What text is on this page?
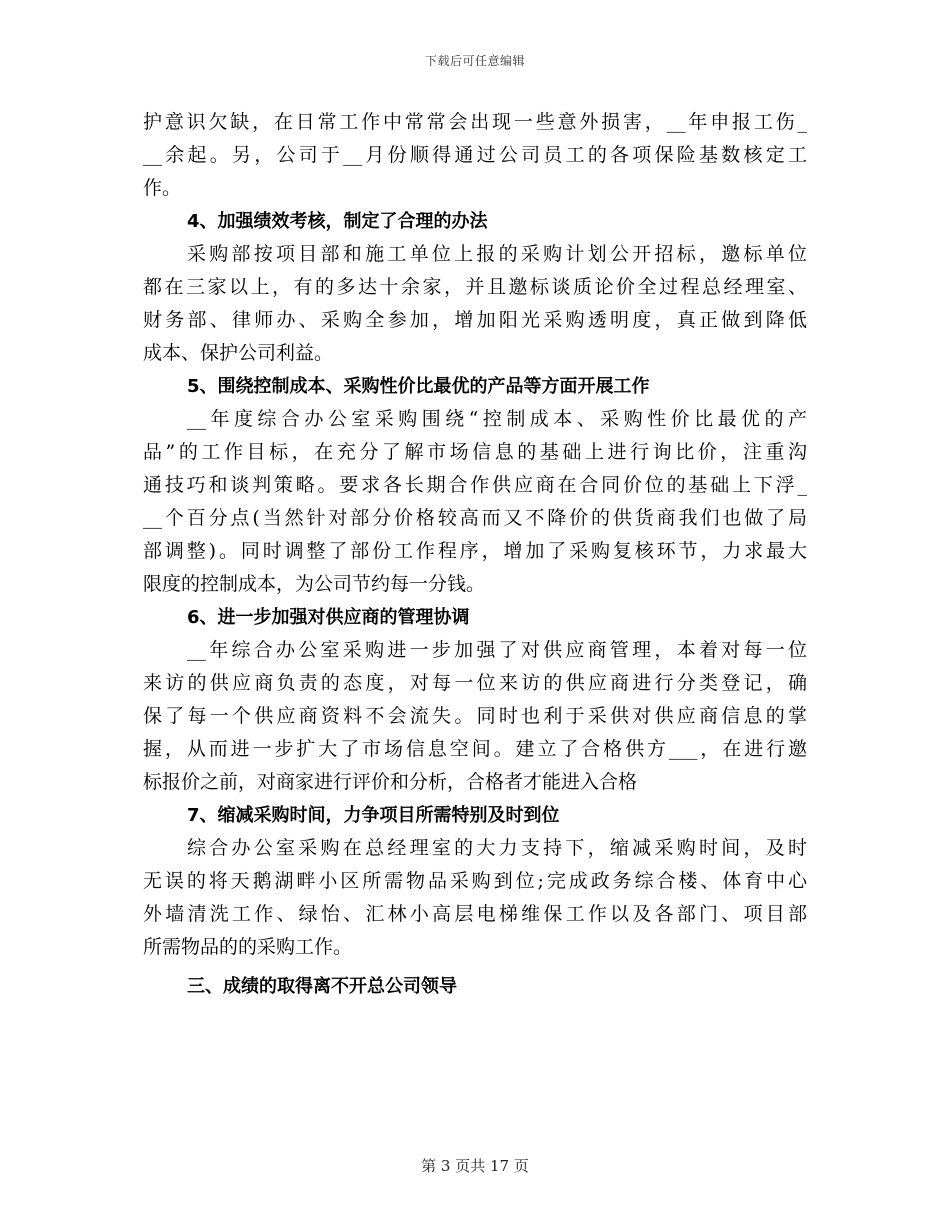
下载后可任意编辑
护意识欠缺，在日常工作中常常会出现一些意外损害，__年申报工伤_
__余起。另，公司于__月份顺得通过公司员工的各项保险基数核定工
作。
4、加强绩效考核，制定了合理的办法
采购部按项目部和施工单位上报的采购计划公开招标，邀标单位
都在三家以上，有的多达十余家，并且邀标谈质论价全过程总经理室、
财务部、律师办、采购全参加，增加阳光采购透明度，真正做到降低
成本、保护公司利益。
5、围绕控制成本、采购性价比最优的产品等方面开展工作
__年度综合办公室采购围绕“控制成本、采购性价比最优的产
品”的工作目标，在充分了解市场信息的基础上进行询比价，注重沟
通技巧和谈判策略。要求各长期合作供应商在合同价位的基础上下浮_
__个百分点(当然针对部分价格较高而又不降价的供货商我们也做了局
部调整)。同时调整了部份工作程序，增加了采购复核环节，力求最大
限度的控制成本，为公司节约每一分钱。
6、进一步加强对供应商的管理协调
__年综合办公室采购进一步加强了对供应商管理，本着对每一位
来访的供应商负责的态度，对每一位来访的供应商进行分类登记，确
保了每一个供应商资料不会流失。同时也利于采供对供应商信息的掌
握，从而进一步扩大了市场信息空间。建立了合格供方___，在进行邀
标报价之前，对商家进行评价和分析，合格者才能进入合格
7、缩减采购时间，力争项目所需特别及时到位
综合办公室采购在总经理室的大力支持下，缩减采购时间，及时
无误的将天鹅湖畔小区所需物品采购到位;完成政务综合楼、体育中心
外墙清洗工作、绿怡、汇林小高层电梯维保工作以及各部门、项目部
所需物品的的采购工作。
三、成绩的取得离不开总公司领导
第 3 页共 17 页
